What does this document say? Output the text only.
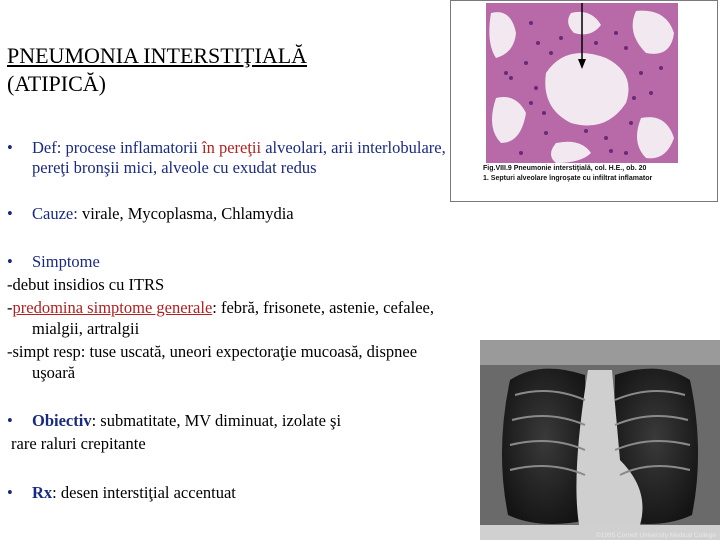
PNEUMONIA INTERSTIŢIALĂ
(ATIPICĂ)
• Def: procese inflamatorii în pereţii alveolari, arii interlobulare,
pereţi bronşii mici, alveole cu exudat redus
• Cauze: virale, Mycoplasma, Chlamydia
• Simptome
-debut insidios cu ITRS
-predomina simptome generale: febră, frisonete, astenie, cefalee,
mialgii, artralgii
-simpt resp: tuse uscată, uneori expectoraţie mucoasă, dispnee
uşoară
• Obiectiv: submatitate, MV diminuat, izolate şi
rare raluri crepitante
• Rx: desen interstiţial accentuat
Fig.VIII.9 Pneumonie interstiţială, col. H.E., ob. 20
1. Septuri alveolare îngroşate cu infiltrat inflamator
©1995 Cornell University Medical College
